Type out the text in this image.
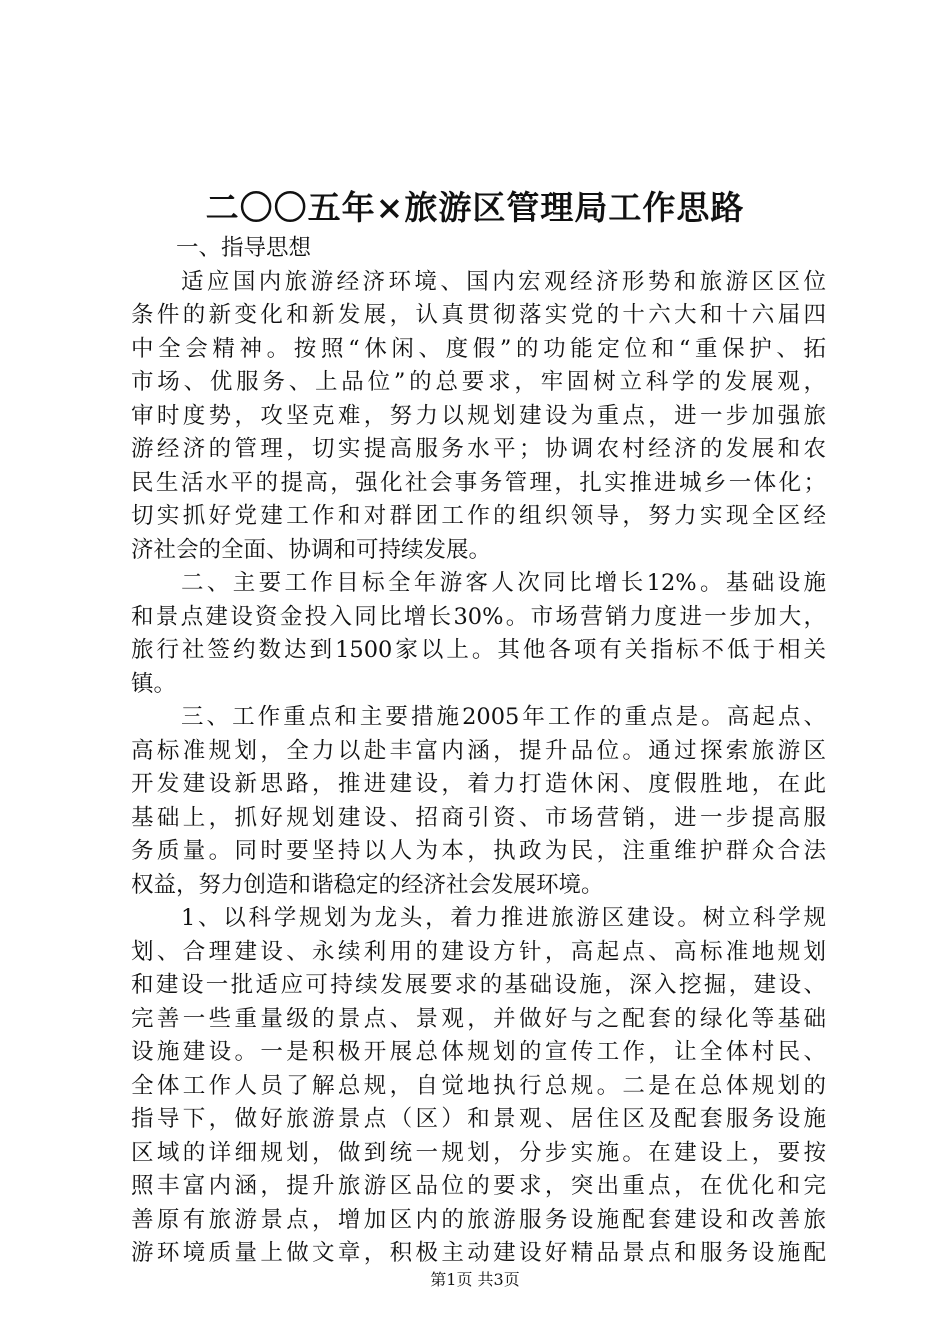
二〇〇五年×旅游区管理局工作思路
一、指导思想
适应国内旅游经济环境、国内宏观经济形势和旅游区区位
条件的新变化和新发展，认真贯彻落实党的十六大和十六届四
中全会精神。按照“休闲、度假”的功能定位和“重保护、拓
市场、优服务、上品位”的总要求，牢固树立科学的发展观，
审时度势，攻坚克难，努力以规划建设为重点，进一步加强旅
游经济的管理，切实提高服务水平；协调农村经济的发展和农
民生活水平的提高，强化社会事务管理，扎实推进城乡一体化；
切实抓好党建工作和对群团工作的组织领导，努力实现全区经
济社会的全面、协调和可持续发展。
二、主要工作目标全年游客人次同比增长12%。基础设施
和景点建设资金投入同比增长30%。市场营销力度进一步加大，
旅行社签约数达到1500家以上。其他各项有关指标不低于相关
镇。
三、工作重点和主要措施2005年工作的重点是。高起点、
高标准规划，全力以赴丰富内涵，提升品位。通过探索旅游区
开发建设新思路，推进建设，着力打造休闲、度假胜地，在此
基础上，抓好规划建设、招商引资、市场营销，进一步提高服
务质量。同时要坚持以人为本，执政为民，注重维护群众合法
权益，努力创造和谐稳定的经济社会发展环境。
1、以科学规划为龙头，着力推进旅游区建设。树立科学规
划、合理建设、永续利用的建设方针，高起点、高标准地规划
和建设一批适应可持续发展要求的基础设施，深入挖掘，建设、
完善一些重量级的景点、景观，并做好与之配套的绿化等基础
设施建设。一是积极开展总体规划的宣传工作，让全体村民、
全体工作人员了解总规，自觉地执行总规。二是在总体规划的
指导下，做好旅游景点（区）和景观、居住区及配套服务设施
区域的详细规划，做到统一规划，分步实施。在建设上，要按
照丰富内涵，提升旅游区品位的要求，突出重点，在优化和完
善原有旅游景点，增加区内的旅游服务设施配套建设和改善旅
游环境质量上做文章，积极主动建设好精品景点和服务设施配
第1页 共3页
